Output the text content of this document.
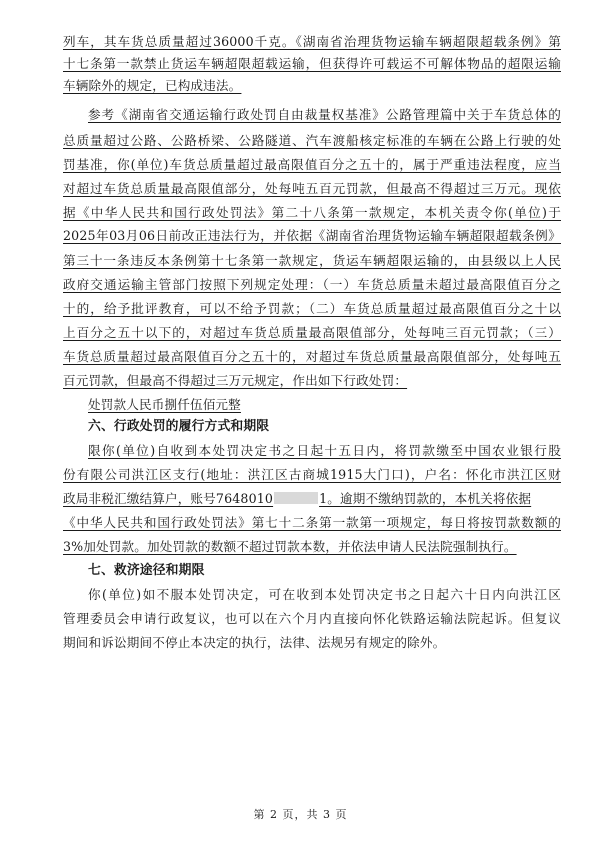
列车，其车货总质量超过36000千克。《湖南省治理货物运输车辆超限超载条例》第
十七条第一款禁止货运车辆超限超载运输，但获得许可载运不可解体物品的超限运输
车辆除外的规定，已构成违法。
参考《湖南省交通运输行政处罚自由裁量权基准》公路管理篇中关于车货总体的
总质量超过公路、公路桥梁、公路隧道、汽车渡船核定标准的车辆在公路上行驶的处
罚基准，你(单位)车货总质量超过最高限值百分之五十的，属于严重违法程度，应当
对超过车货总质量最高限值部分，处每吨五百元罚款，但最高不得超过三万元。现依
据《中华人民共和国行政处罚法》第二十八条第一款规定，本机关责令你(单位)于
2025年03月06日前改正违法行为，并依据《湖南省治理货物运输车辆超限超载条例》
第三十一条违反本条例第十七条第一款规定，货运车辆超限运输的，由县级以上人民
政府交通运输主管部门按照下列规定处理：（一）车货总质量未超过最高限值百分之
十的，给予批评教育，可以不给予罚款；（二）车货总质量超过最高限值百分之十以
上百分之五十以下的，对超过车货总质量最高限值部分，处每吨三百元罚款；（三）
车货总质量超过最高限值百分之五十的，对超过车货总质量最高限值部分，处每吨五
百元罚款，但最高不得超过三万元规定，作出如下行政处罚：
处罚款人民币捌仟伍佰元整
六、行政处罚的履行方式和期限
限你(单位)自收到本处罚决定书之日起十五日内，将罚款缴至中国农业银行股
份有限公司洪江区支行(地址：洪江区古商城1915大门口)，户名：怀化市洪江区财
政局非税汇缴结算户，账号7648010	1。逾期不缴纳罚款的，本机关将依据
《中华人民共和国行政处罚法》第七十二条第一款第一项规定，每日将按罚款数额的
3%加处罚款。加处罚款的数额不超过罚款本数，并依法申请人民法院强制执行。
七、救济途径和期限
你(单位)如不服本处罚决定，可在收到本处罚决定书之日起六十日内向洪江区
管理委员会申请行政复议，也可以在六个月内直接向怀化铁路运输法院起诉。但复议
期间和诉讼期间不停止本决定的执行，法律、法规另有规定的除外。
第 2 页，共 3 页
